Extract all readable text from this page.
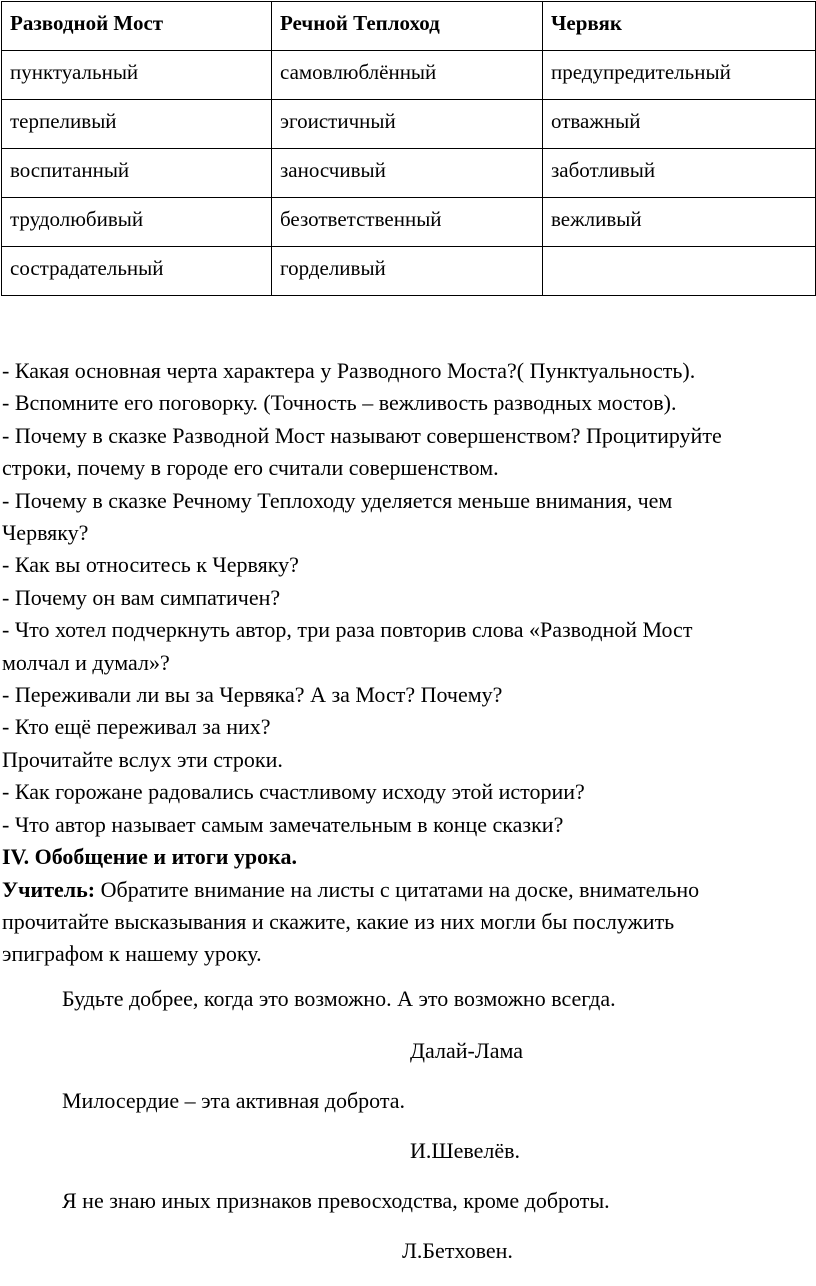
Разводной Мост	Речной Теплоход	Червяк
пунктуальный	самовлюблённый	предупредительный
терпеливый	эгоистичный	отважный
воспитанный	заносчивый	заботливый
трудолюбивый	безответственный	вежливый
сострадательный	горделивый	
- Какая основная черта характера у Разводного Моста?( Пунктуальность).
- Вспомните его поговорку. (Точность – вежливость разводных мостов).
- Почему в сказке Разводной Мост называют совершенством? Процитируйте
строки, почему в городе его считали совершенством.
- Почему в сказке Речному Теплоходу уделяется меньше внимания, чем
Червяку?
- Как вы относитесь к Червяку?
- Почему он вам симпатичен?
- Что хотел подчеркнуть автор, три раза повторив слова «Разводной Мост
молчал и думал»?
- Переживали ли вы за Червяка? А за Мост? Почему?
- Кто ещё переживал за них?
Прочитайте вслух эти строки.
- Как горожане радовались счастливому исходу этой истории?
- Что автор называет самым замечательным в конце сказки?
IV. Обобщение и итоги урока.
Учитель: Обратите внимание на листы с цитатами на доске, внимательно
прочитайте высказывания и скажите, какие из них могли бы послужить
эпиграфом к нашему уроку.
Будьте добрее, когда это возможно. А это возможно всегда.
Далай-Лама
Милосердие – эта активная доброта.
И.Шевелёв.
Я не знаю иных признаков превосходства, кроме доброты.
Л.Бетховен.
